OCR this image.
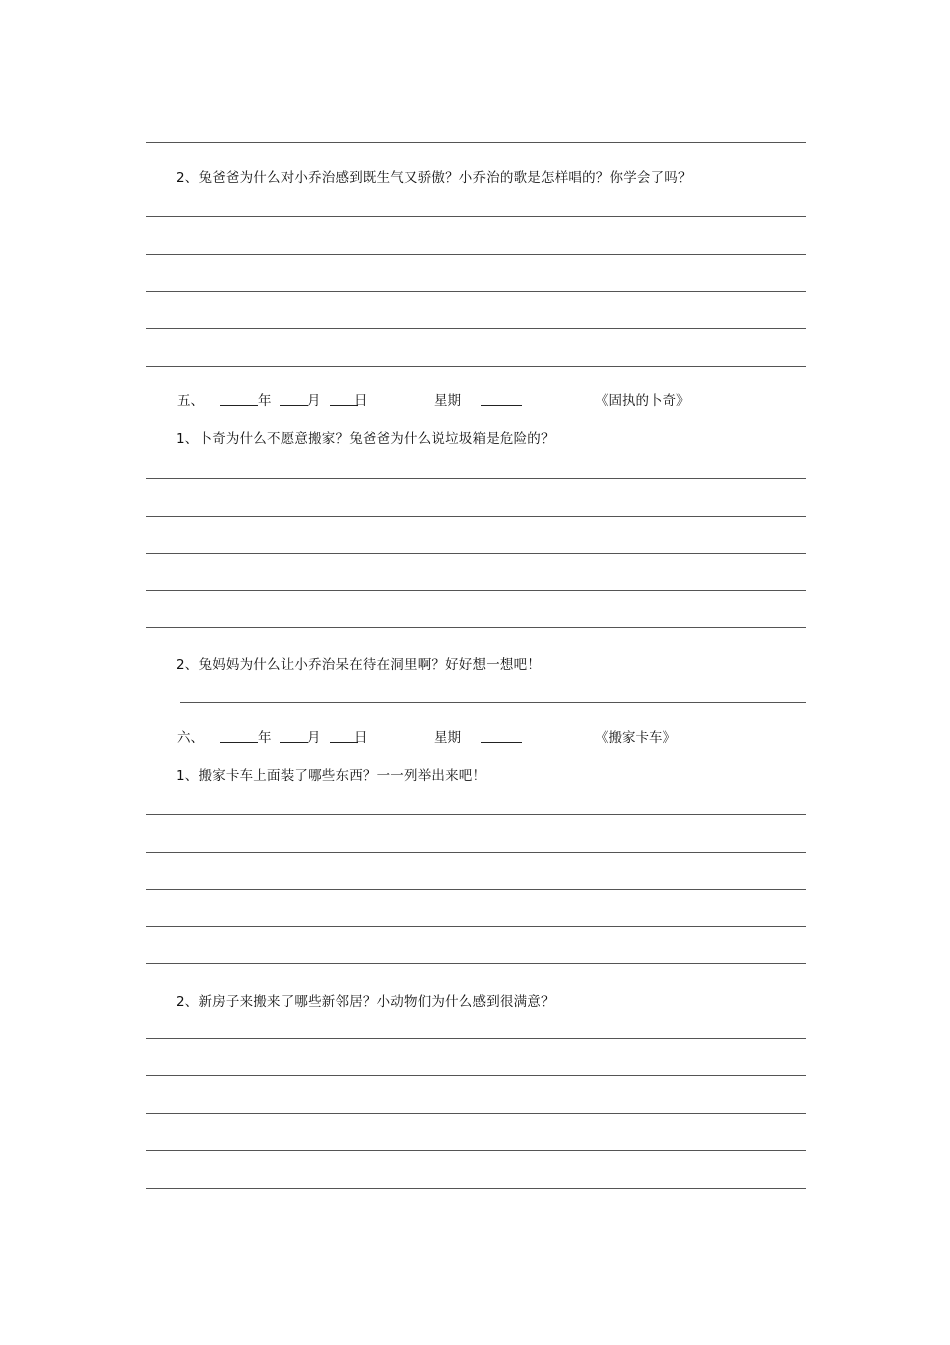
2、兔爸爸为什么对小乔治感到既生气又骄傲？小乔治的歌是怎样唱的？你学会了吗？
五、	年	月 日	星期	《固执的卜奇》
1、卜奇为什么不愿意搬家？兔爸爸为什么说垃圾箱是危险的？
2、兔妈妈为什么让小乔治呆在待在洞里啊？好好想一想吧！
六、	年	月 日	星期	《搬家卡车》
1、搬家卡车上面装了哪些东西？一一列举出来吧！
2、新房子来搬来了哪些新邻居？小动物们为什么感到很满意？
